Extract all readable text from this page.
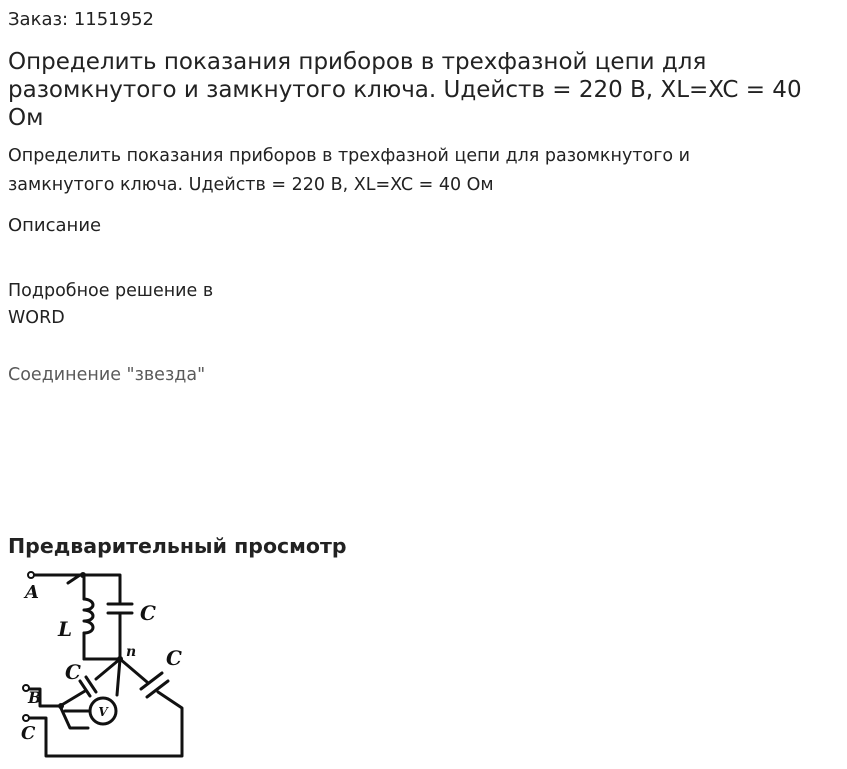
Заказ: 1151952
Определить показания приборов в трехфазной цепи для разомкнутого и замкнутого ключа. Uдейств = 220 В, XL=XC = 40 Ом
Определить показания приборов в трехфазной цепи для разомкнутого и замкнутого ключа. Uдейств = 220 В, XL=XC = 40 Ом
Описание
Подробное решение в WORD
Соединение "звезда"
Предварительный просмотр
A
B
C
L
n
C
C
C
V
